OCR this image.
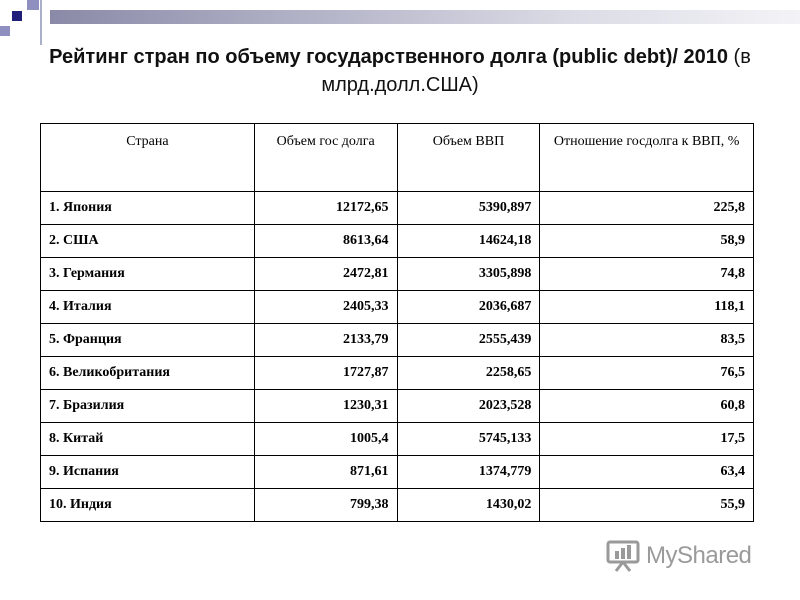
Рейтинг стран по объему государственного долга (public debt)/ 2010 (в млрд.долл.США)
Страна	Объем гос долга	Объем ВВП	Отношение госдолга к ВВП, %
1. Япония	12172,65	5390,897	225,8
2. США	8613,64	14624,18	58,9
3. Германия	2472,81	3305,898	74,8
4. Италия	2405,33	2036,687	118,1
5. Франция	2133,79	2555,439	83,5
6. Великобритания	1727,87	2258,65	76,5
7. Бразилия	1230,31	2023,528	60,8
8. Китай	1005,4	5745,133	17,5
9. Испания	871,61	1374,779	63,4
10. Индия	799,38	1430,02	55,9
MyShared
